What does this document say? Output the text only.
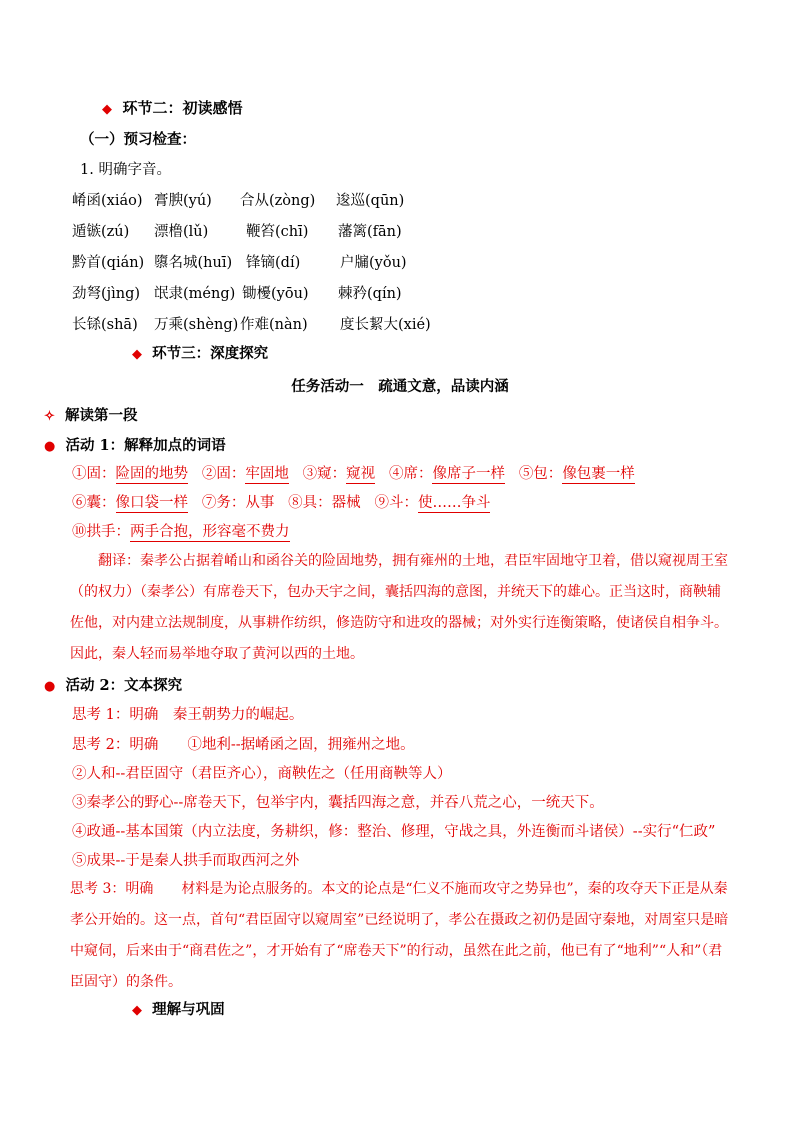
◆ 环节二：初读感悟
（一）预习检查：
1. 明确字音。
崤函(xiáo) 膏腴(yú) 合从(zòng) 逡巡(qūn)
遁镞(zú) 漂橹(lǔ)	鞭笞(chī) 藩篱(fān)
黔首(qián) 隳名城(huī) 锋镝(dí)	户牖(yǒu)
劲弩(jìng) 氓隶(méng) 锄櫌(yōu) 棘矜(qín)
长铩(shā) 万乘(shèng) 作难(nàn) 度长絜大(xié)
◆ 环节三：深度探究
任务活动一　疏通文意，品读内涵
✧ 解读第一段
● 活动 1：解释加点的词语
①固：险固的地势 ②固：牢固地 ③窥：窥视 ④席：像席子一样 ⑤包：像包裹一样
⑥囊：像口袋一样 ⑦务：从事 ⑧具：器械 ⑨斗：使……争斗
⑩拱手：两手合抱，形容毫不费力
翻译：秦孝公占据着崤山和函谷关的险固地势，拥有雍州的土地，君臣牢固地守卫着，借以窥视周王室（的权力）（秦孝公）有席卷天下，包办天宇之间，囊括四海的意图，并统天下的雄心。正当这时，商鞅辅佐他，对内建立法规制度，从事耕作纺织，修造防守和进攻的器械；对外实行连衡策略，使诸侯自相争斗。因此，秦人轻而易举地夺取了黄河以西的土地。
● 活动 2：文本探究
思考 1：明确　秦王朝势力的崛起。
思考 2：明确　　①地利--据崤函之固，拥雍州之地。
②人和--君臣固守（君臣齐心），商鞅佐之（任用商鞅等人）
③秦孝公的野心--席卷天下，包举宇内，囊括四海之意，并吞八荒之心，一统天下。
④政通--基本国策（内立法度，务耕织，修：整治、修理，守战之具，外连衡而斗诸侯）--实行“仁政”
⑤成果--于是秦人拱手而取西河之外
思考 3：明确　　材料是为论点服务的。本文的论点是“仁义不施而攻守之势异也”，秦的攻夺天下正是从秦孝公开始的。这一点，首句“君臣固守以窥周室”已经说明了，孝公在摄政之初仍是固守秦地，对周室只是暗中窥伺，后来由于“商君佐之”，才开始有了“席卷天下”的行动，虽然在此之前，他已有了“地利”“人和”（君臣固守）的条件。
◆ 理解与巩固
